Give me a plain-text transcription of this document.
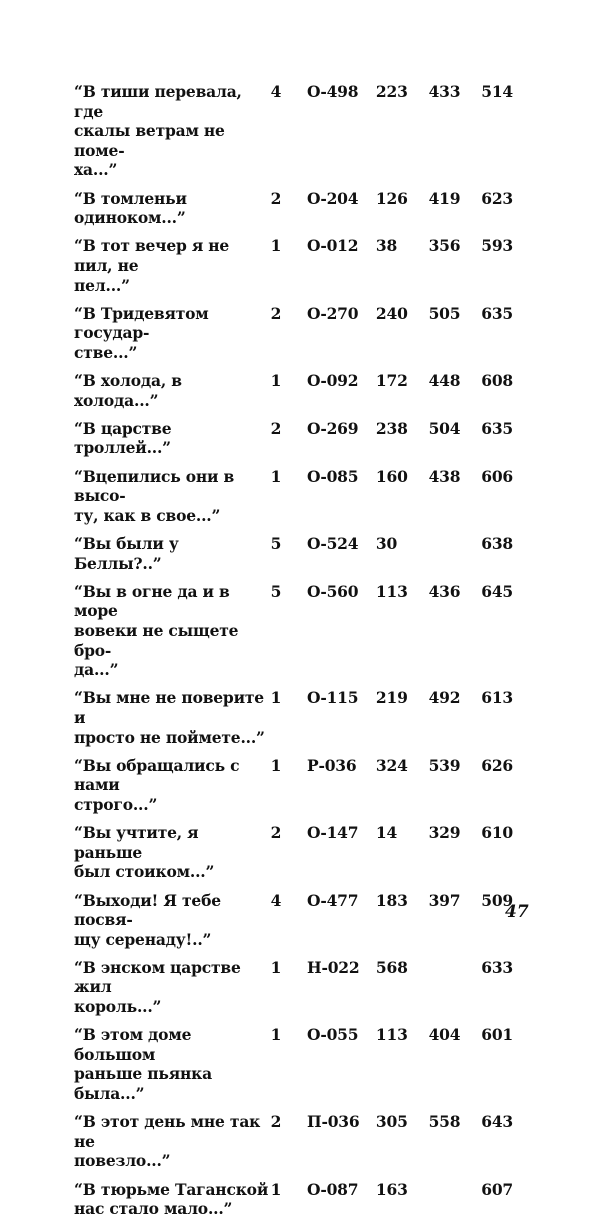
“В тиши перевала, где
скалы ветрам не поме-
ха...”	4	О-498	223	433	514
“В томленьи одиноком...”	2	О-204	126	419	623
“В тот вечер я не пил, не
пел...”	1	О-012	38	356	593
“В Тридевятом государ-
стве...”	2	О-270	240	505	635
“В холода, в холода...”	1	О-092	172	448	608
“В царстве троллей...”	2	О-269	238	504	635
“Вцепились они в высо-
ту, как в свое...”	1	О-085	160	438	606
“Вы были у Беллы?..”	5	О-524	30		638
“Вы в огне да и в море
вовеки не сыщете бро-
да...”	5	О-560	113	436	645
“Вы мне не поверите и
просто не поймете...”	1	О-115	219	492	613
“Вы обращались с нами
строго...”	1	Р-036	324	539	626
“Вы учтите, я раньше
был стоиком...”	2	О-147	14	329	610
“Выходи! Я тебе посвя-
щу серенаду!..”	4	О-477	183	397	509
“В энском царстве жил
король...”	1	Н-022	568		633
“В этом доме большом
раньше пьянка была...”	1	О-055	113	404	601
“В этот день мне так не
повезло...”	2	П-036	305	558	643
“В тюрьме Таганской
нас стало мало...”	1	О-087	163		607
47
